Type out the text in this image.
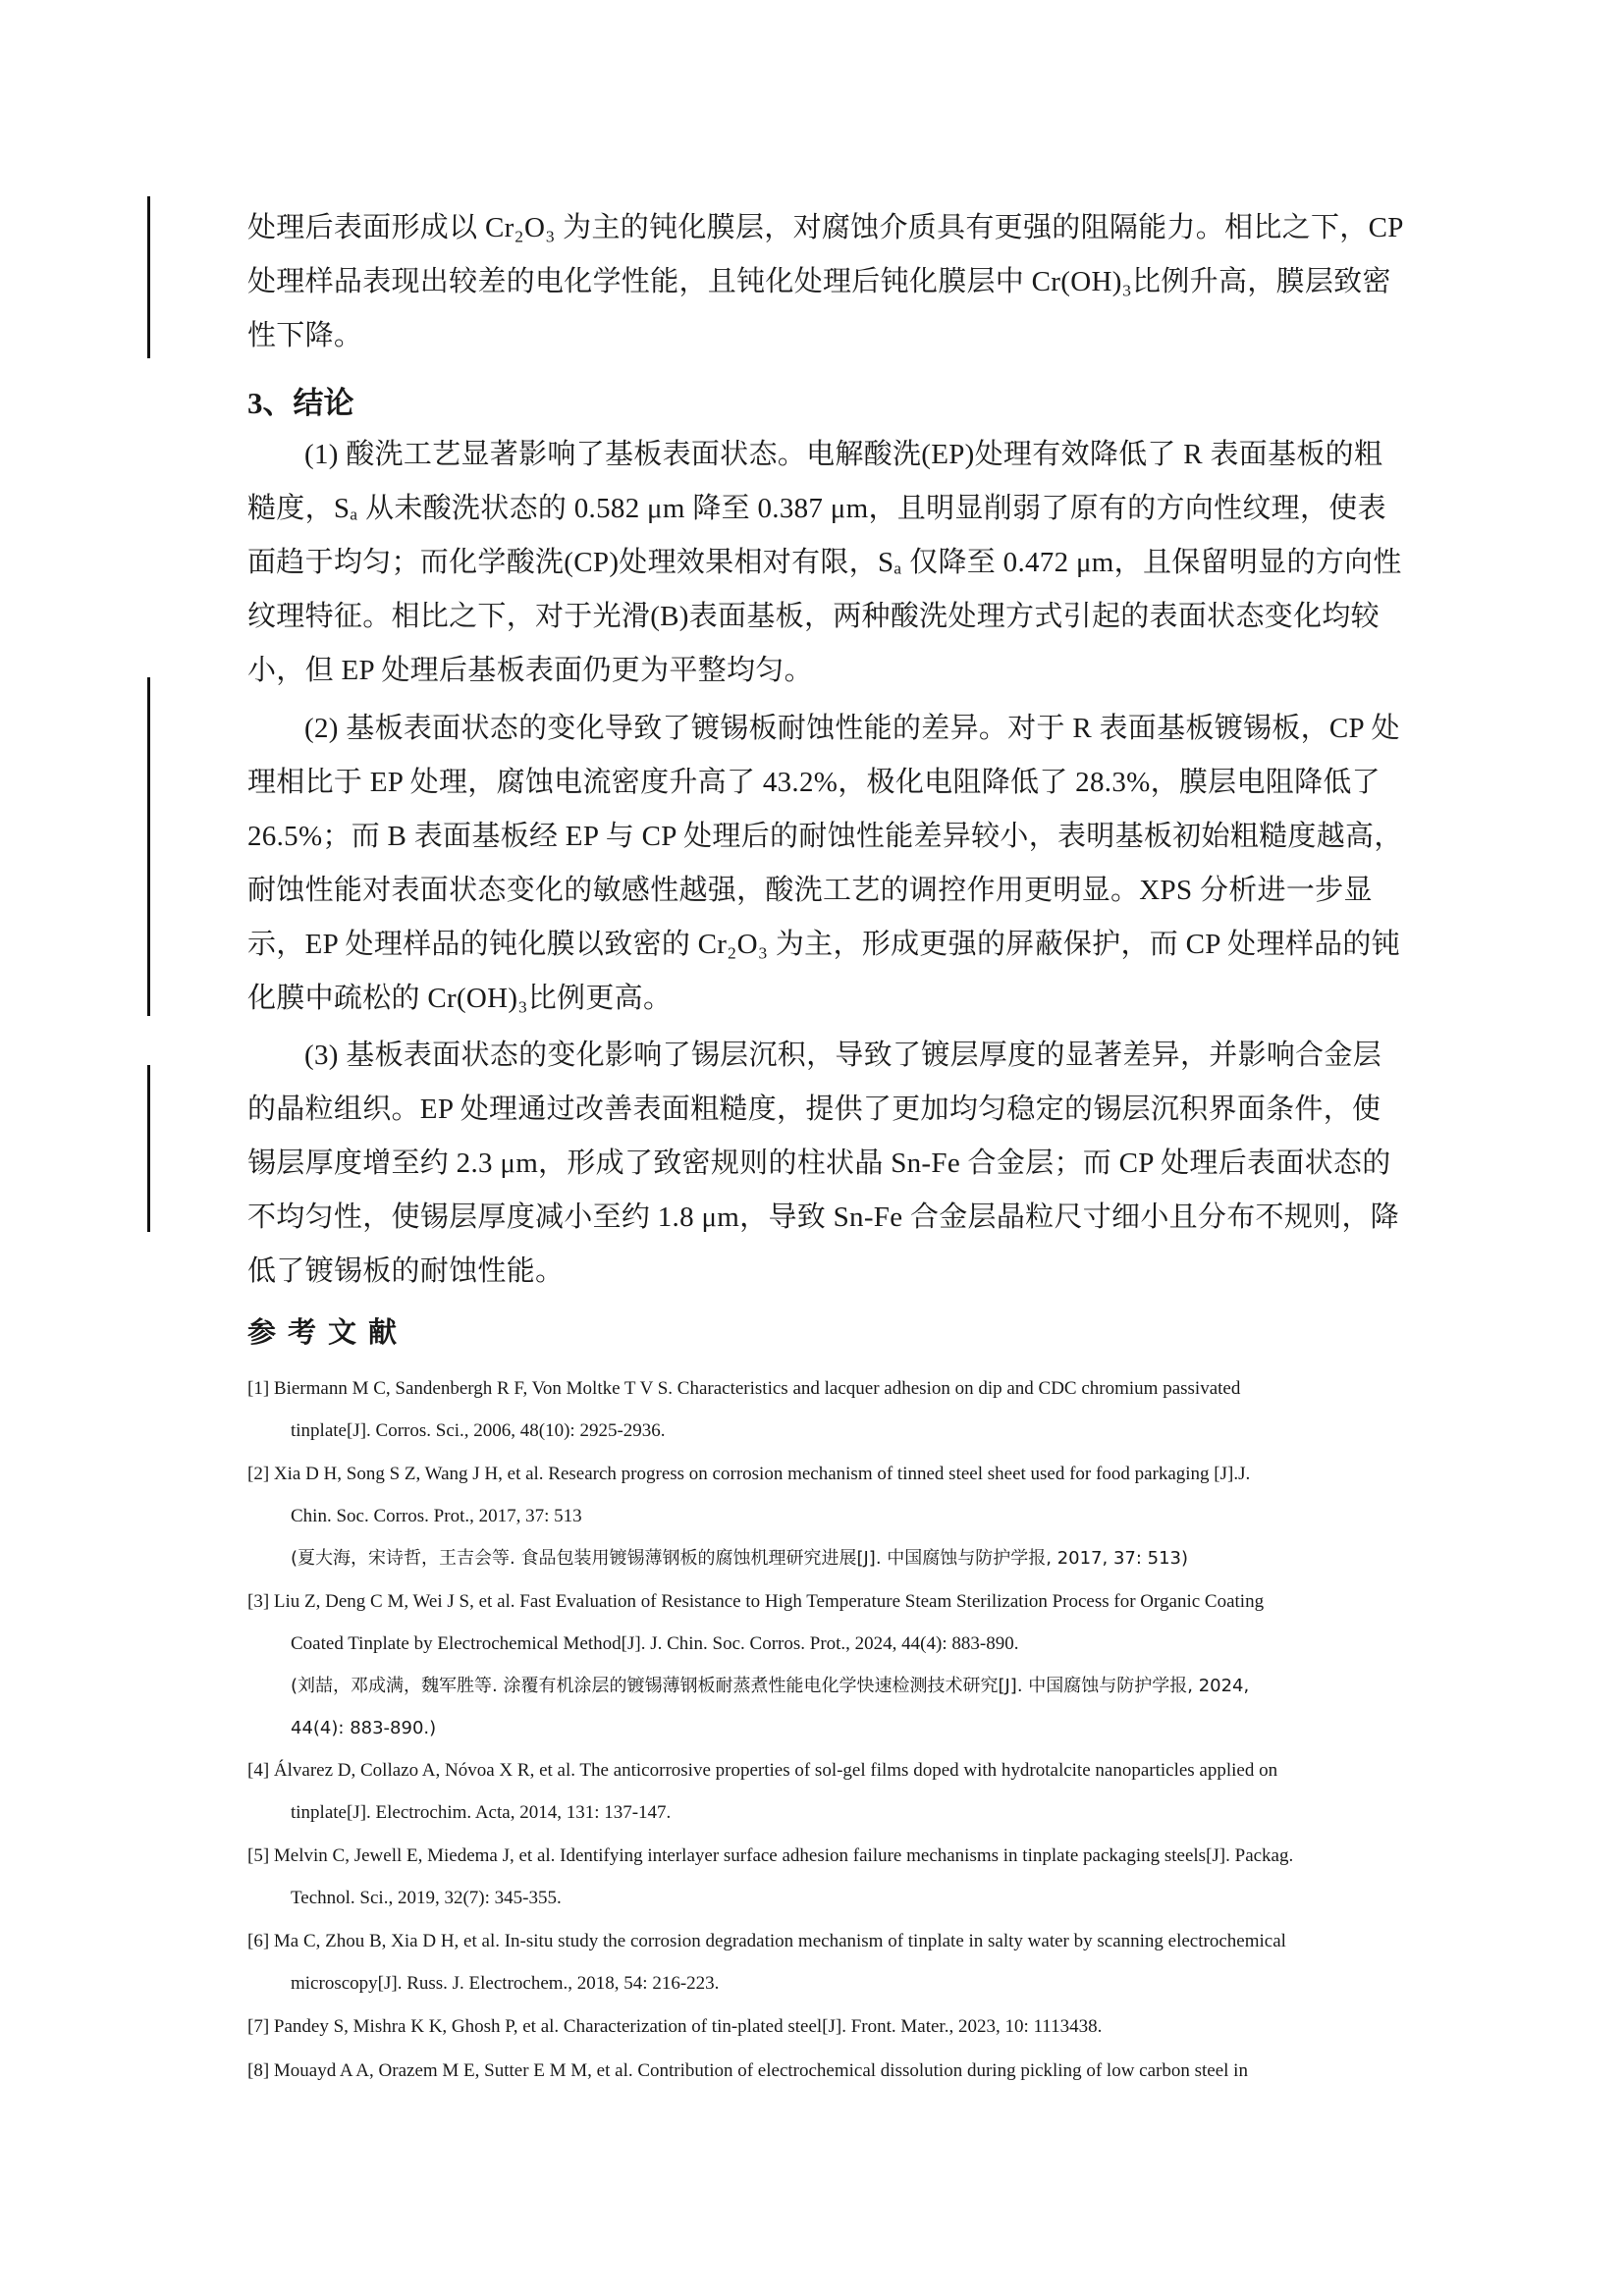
处理后表面形成以 Cr₂O₃ 为主的钝化膜层，对腐蚀介质具有更强的阻隔能力。相比之下，CP
处理样品表现出较差的电化学性能，且钝化处理后钝化膜层中 Cr(OH)₃比例升高，膜层致密
性下降。
3、结论
(1) 酸洗工艺显著影响了基板表面状态。电解酸洗(EP)处理有效降低了 R 表面基板的粗
糙度，Sₐ 从未酸洗状态的 0.582 μm 降至 0.387 μm，且明显削弱了原有的方向性纹理，使表
面趋于均匀；而化学酸洗(CP)处理效果相对有限，Sₐ 仅降至 0.472 μm，且保留明显的方向性
纹理特征。相比之下，对于光滑(B)表面基板，两种酸洗处理方式引起的表面状态变化均较
小，但 EP 处理后基板表面仍更为平整均匀。
(2) 基板表面状态的变化导致了镀锡板耐蚀性能的差异。对于 R 表面基板镀锡板，CP 处
理相比于 EP 处理，腐蚀电流密度升高了 43.2%，极化电阻降低了 28.3%，膜层电阻降低了
26.5%；而 B 表面基板经 EP 与 CP 处理后的耐蚀性能差异较小，表明基板初始粗糙度越高，
耐蚀性能对表面状态变化的敏感性越强，酸洗工艺的调控作用更明显。XPS 分析进一步显
示，EP 处理样品的钝化膜以致密的 Cr₂O₃ 为主，形成更强的屏蔽保护，而 CP 处理样品的钝
化膜中疏松的 Cr(OH)₃比例更高。
(3) 基板表面状态的变化影响了锡层沉积，导致了镀层厚度的显著差异，并影响合金层
的晶粒组织。EP 处理通过改善表面粗糙度，提供了更加均匀稳定的锡层沉积界面条件，使
锡层厚度增至约 2.3 μm，形成了致密规则的柱状晶 Sn-Fe 合金层；而 CP 处理后表面状态的
不均匀性，使锡层厚度减小至约 1.8 μm，导致 Sn-Fe 合金层晶粒尺寸细小且分布不规则，降
低了镀锡板的耐蚀性能。
参考文献
[1] Biermann M C, Sandenbergh R F, Von Moltke T V S. Characteristics and lacquer adhesion on dip and CDC chromium passivated
tinplate[J]. Corros. Sci., 2006, 48(10): 2925-2936.
[2] Xia D H, Song S Z, Wang J H, et al. Research progress on corrosion mechanism of tinned steel sheet used for food parkaging [J].J.
Chin. Soc. Corros. Prot., 2017, 37: 513
(夏大海，宋诗哲，王吉会等. 食品包装用镀锡薄钢板的腐蚀机理研究进展[J]. 中国腐蚀与防护学报, 2017, 37: 513)
[3] Liu Z, Deng C M, Wei J S, et al. Fast Evaluation of Resistance to High Temperature Steam Sterilization Process for Organic Coating
Coated Tinplate by Electrochemical Method[J]. J. Chin. Soc. Corros. Prot., 2024, 44(4): 883-890.
(刘喆，邓成满，魏军胜等. 涂覆有机涂层的镀锡薄钢板耐蒸煮性能电化学快速检测技术研究[J]. 中国腐蚀与防护学报, 2024,
44(4): 883-890.)
[4] Álvarez D, Collazo A, Nóvoa X R, et al. The anticorrosive properties of sol-gel films doped with hydrotalcite nanoparticles applied on
tinplate[J]. Electrochim. Acta, 2014, 131: 137-147.
[5] Melvin C, Jewell E, Miedema J, et al. Identifying interlayer surface adhesion failure mechanisms in tinplate packaging steels[J]. Packag.
Technol. Sci., 2019, 32(7): 345-355.
[6] Ma C, Zhou B, Xia D H, et al. In-situ study the corrosion degradation mechanism of tinplate in salty water by scanning electrochemical
microscopy[J]. Russ. J. Electrochem., 2018, 54: 216-223.
[7] Pandey S, Mishra K K, Ghosh P, et al. Characterization of tin-plated steel[J]. Front. Mater., 2023, 10: 1113438.
[8] Mouayd A A, Orazem M E, Sutter E M M, et al. Contribution of electrochemical dissolution during pickling of low carbon steel in
